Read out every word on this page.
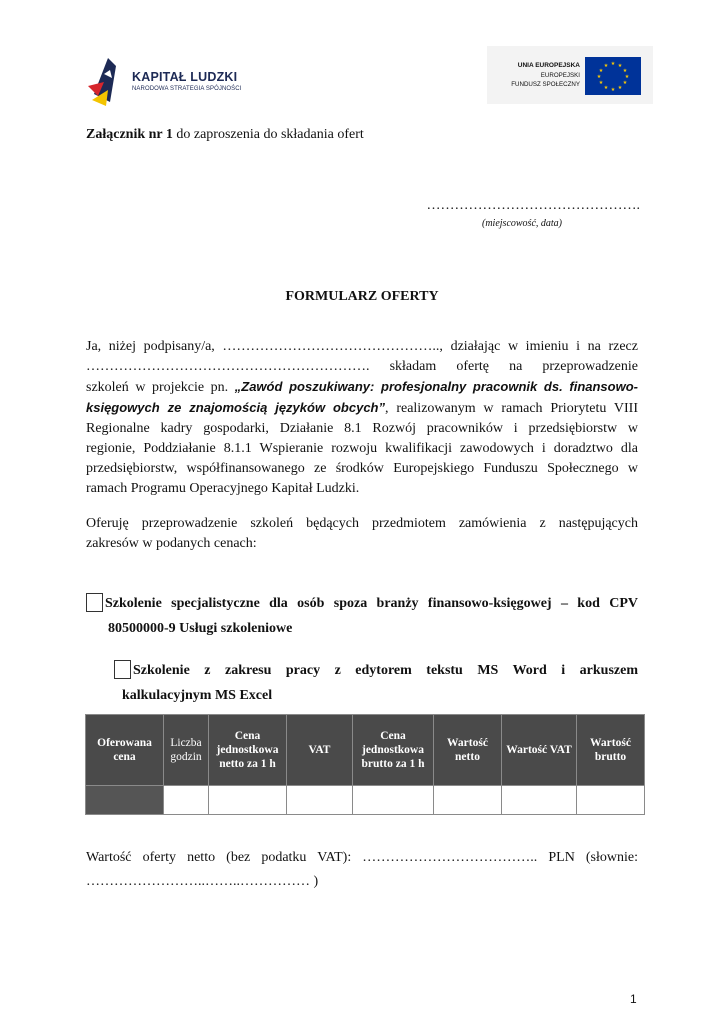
KAPITAŁ LUDZKI
NARODOWA STRATEGIA SPÓJNOŚCI
UNIA EUROPEJSKA
EUROPEJSKI
FUNDUSZ SPOŁECZNY
★ ★
★
★
★
★
★
★
★
★
★
★
Załącznik nr 1 do zaproszenia do składania ofert
……………………………………….
(miejscowość, data)
FORMULARZ OFERTY
Ja, niżej podpisany/a, ……………………………………….., działając w imieniu i na rzecz
……………………………………………………. składam ofertę na przeprowadzenie
szkoleń w projekcie pn. „Zawód poszukiwany: profesjonalny pracownik ds. finansowo-
księgowych ze znajomością języków obcych”, realizowanym w ramach Priorytetu VIII
Regionalne kadry gospodarki, Działanie 8.1 Rozwój pracowników i przedsiębiorstw w
regionie, Poddziałanie 8.1.1 Wspieranie rozwoju kwalifikacji zawodowych i doradztwo dla
przedsiębiorstw, współfinansowanego ze środków Europejskiego Funduszu Społecznego w
ramach Programu Operacyjnego Kapitał Ludzki.
Oferuję przeprowadzenie szkoleń będących przedmiotem zamówienia z następujących
zakresów w podanych cenach:
Szkolenie specjalistyczne dla osób spoza branży finansowo-księgowej – kod CPV
80500000-9 Usługi szkoleniowe
Szkolenie z zakresu pracy z edytorem tekstu MS Word i arkuszem
kalkulacyjnym MS Excel
Oferowana cena	Liczba godzin	Cena jednostkowa netto za 1 h	VAT	Cena jednostkowa brutto za 1 h	Wartość netto	Wartość VAT	Wartość brutto

Wartość oferty netto (bez podatku VAT): ……………………………….. PLN (słownie:
……………………..……..…………… )
1
